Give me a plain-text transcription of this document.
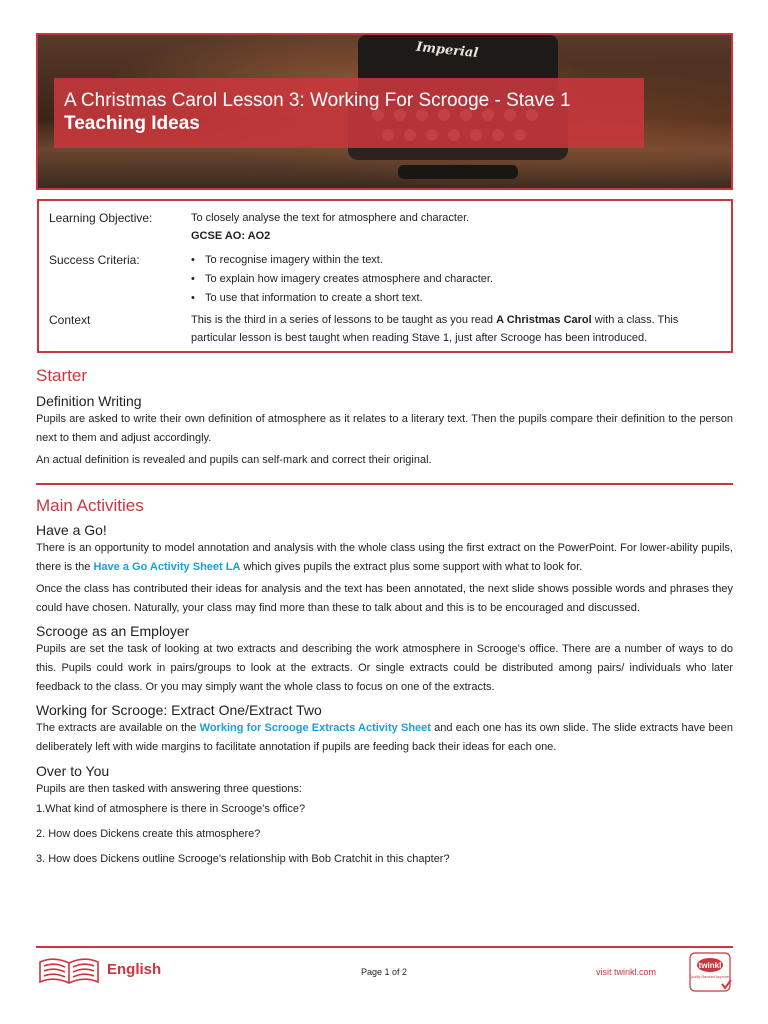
Imperial
A Christmas Carol Lesson 3: Working For Scrooge - Stave 1
Teaching Ideas
Learning Objective:	To closely analyse the text for atmosphere and character.
GCSE AO: AO2
Success Criteria:
•	To recognise imagery within the text.
• To explain how imagery creates atmosphere and character.
• To use that information to create a short text.
Context	This is the third in a series of lessons to be taught as you read A Christmas Carol with a class. This particular lesson is best taught when reading Stave 1, just after Scrooge has been introduced.
Starter
Definition Writing

Pupils are asked to write their own definition of atmosphere as it relates to a literary text. Then the pupils compare their definition to the person next to them and adjust accordingly.

An actual definition is revealed and pupils can self-mark and correct their original.

Main Activities
Have a Go!

There is an opportunity to model annotation and analysis with the whole class using the first extract on the PowerPoint. For lower-ability pupils, there is the Have a Go Activity Sheet LA which gives pupils the extract plus some support with what to look for.

Once the class has contributed their ideas for analysis and the text has been annotated, the next slide shows possible words and phrases they could have chosen. Naturally, your class may find more than these to talk about and this is to be encouraged and discussed.

Scrooge as an Employer

Pupils are set the task of looking at two extracts and describing the work atmosphere in Scrooge's office. There are a number of ways to do this. Pupils could work in pairs/groups to look at the extracts. Or single extracts could be distributed among pairs/ individuals who later feedback to the class. Or you may simply want the whole class to focus on one of the extracts.

Working for Scrooge: Extract One/Extract Two

The extracts are available on the Working for Scrooge Extracts Activity Sheet and each one has its own slide. The slide extracts have been deliberately left with wide margins to facilitate annotation if pupils are feeding back their ideas for each one.

Over to You

Pupils are then tasked with answering three questions:

1.What kind of atmosphere is there in Scrooge's office?

2. How does Dickens create this atmosphere?

3. How does Dickens outline Scrooge's relationship with Bob Cratchit in this chapter?

English	Page 1 of 2	visit twinkl.com
twinkl
Quality Standard Approved
